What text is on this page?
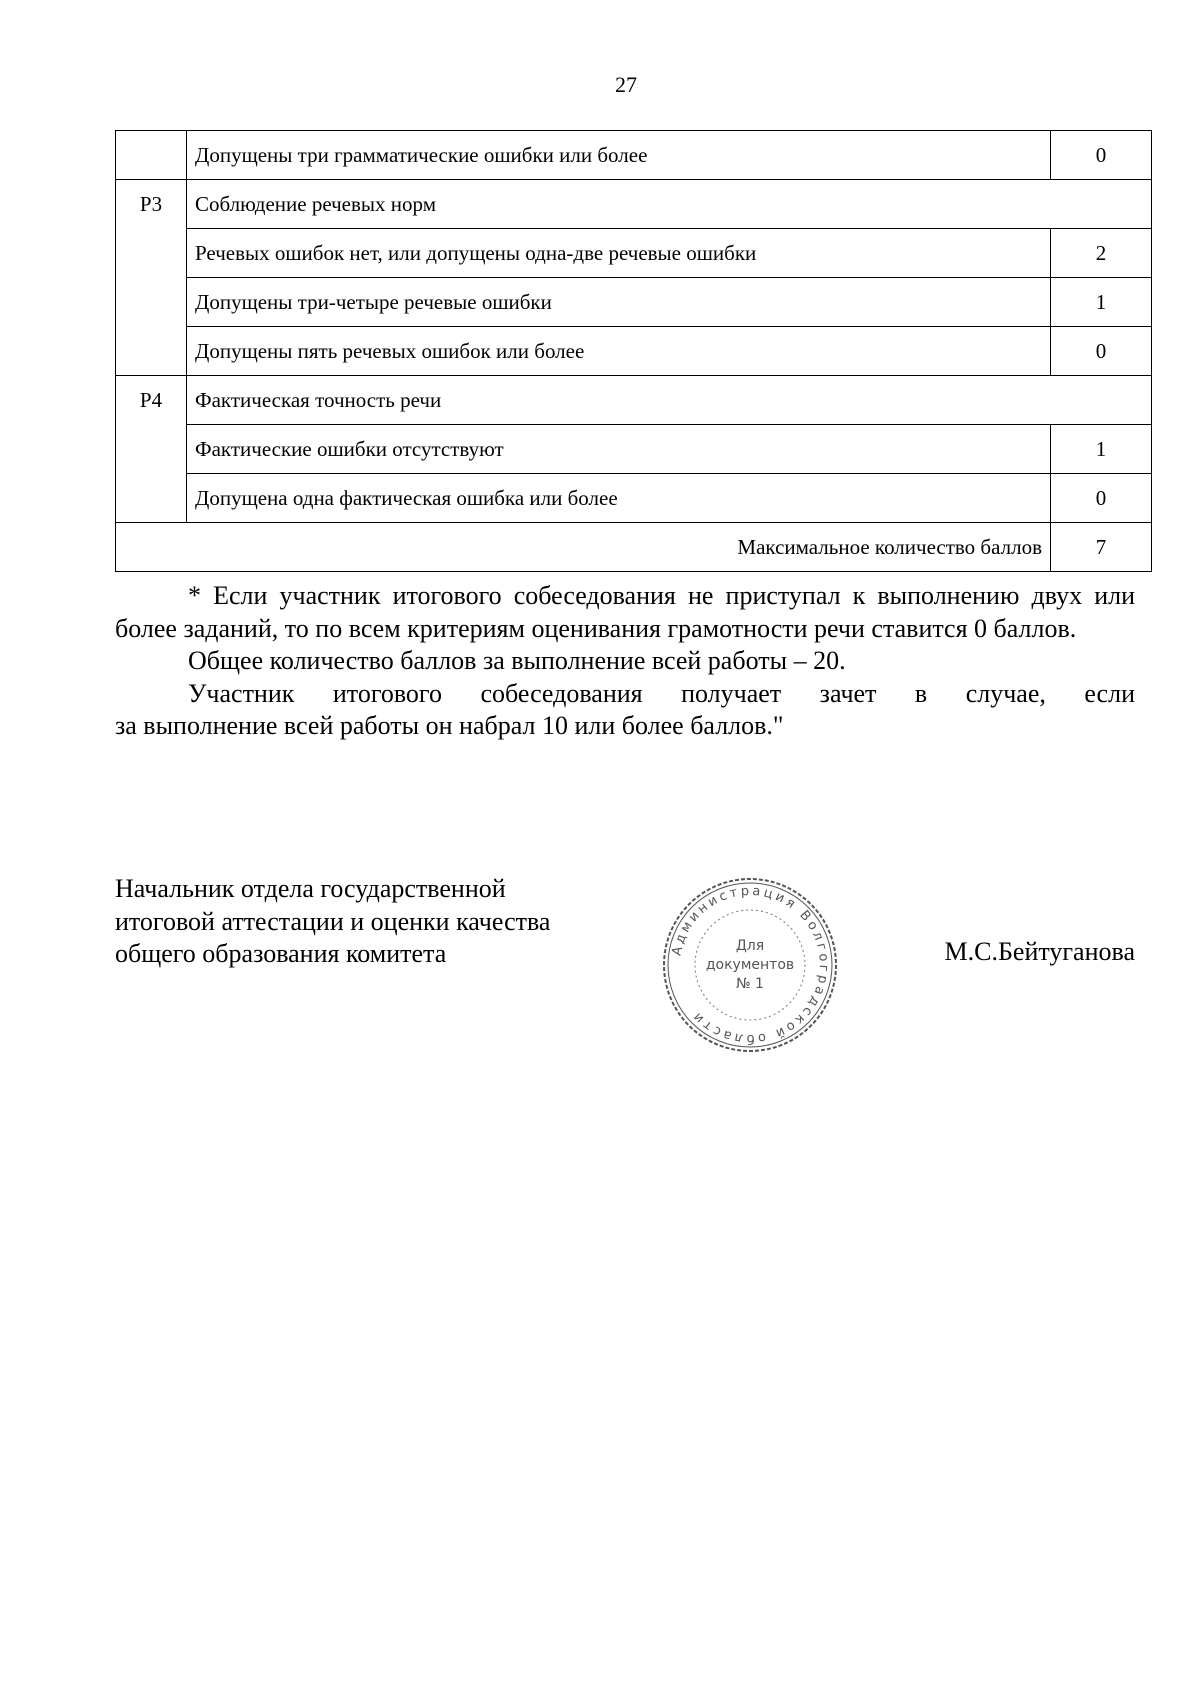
27
	Допущены три грамматические ошибки или более	0
Р3	Соблюдение речевых норм	
	Речевых ошибок нет, или допущены одна-две речевые ошибки	2
	Допущены три-четыре речевые ошибки	1
	Допущены пять речевых ошибок или более	0
Р4	Фактическая точность речи	
	Фактические ошибки отсутствуют	1
	Допущена одна фактическая ошибка или более	0
Максимальное количество баллов		7

* Если участник итогового собеседования не приступал к выполнению двух или более заданий, то по всем критериям оценивания грамотности речи ставится 0 баллов.

Общее количество баллов за выполнение всей работы – 20.

Участник итогового собеседования получает зачет в случае, если

за выполнение всей работы он набрал 10 или более баллов."

Начальник отдела государственной
итоговой аттестации и оценки качества
общего образования комитета	Администрация Волгоградской области
Для
документов
№ 1
М.С.Бейтуганова
